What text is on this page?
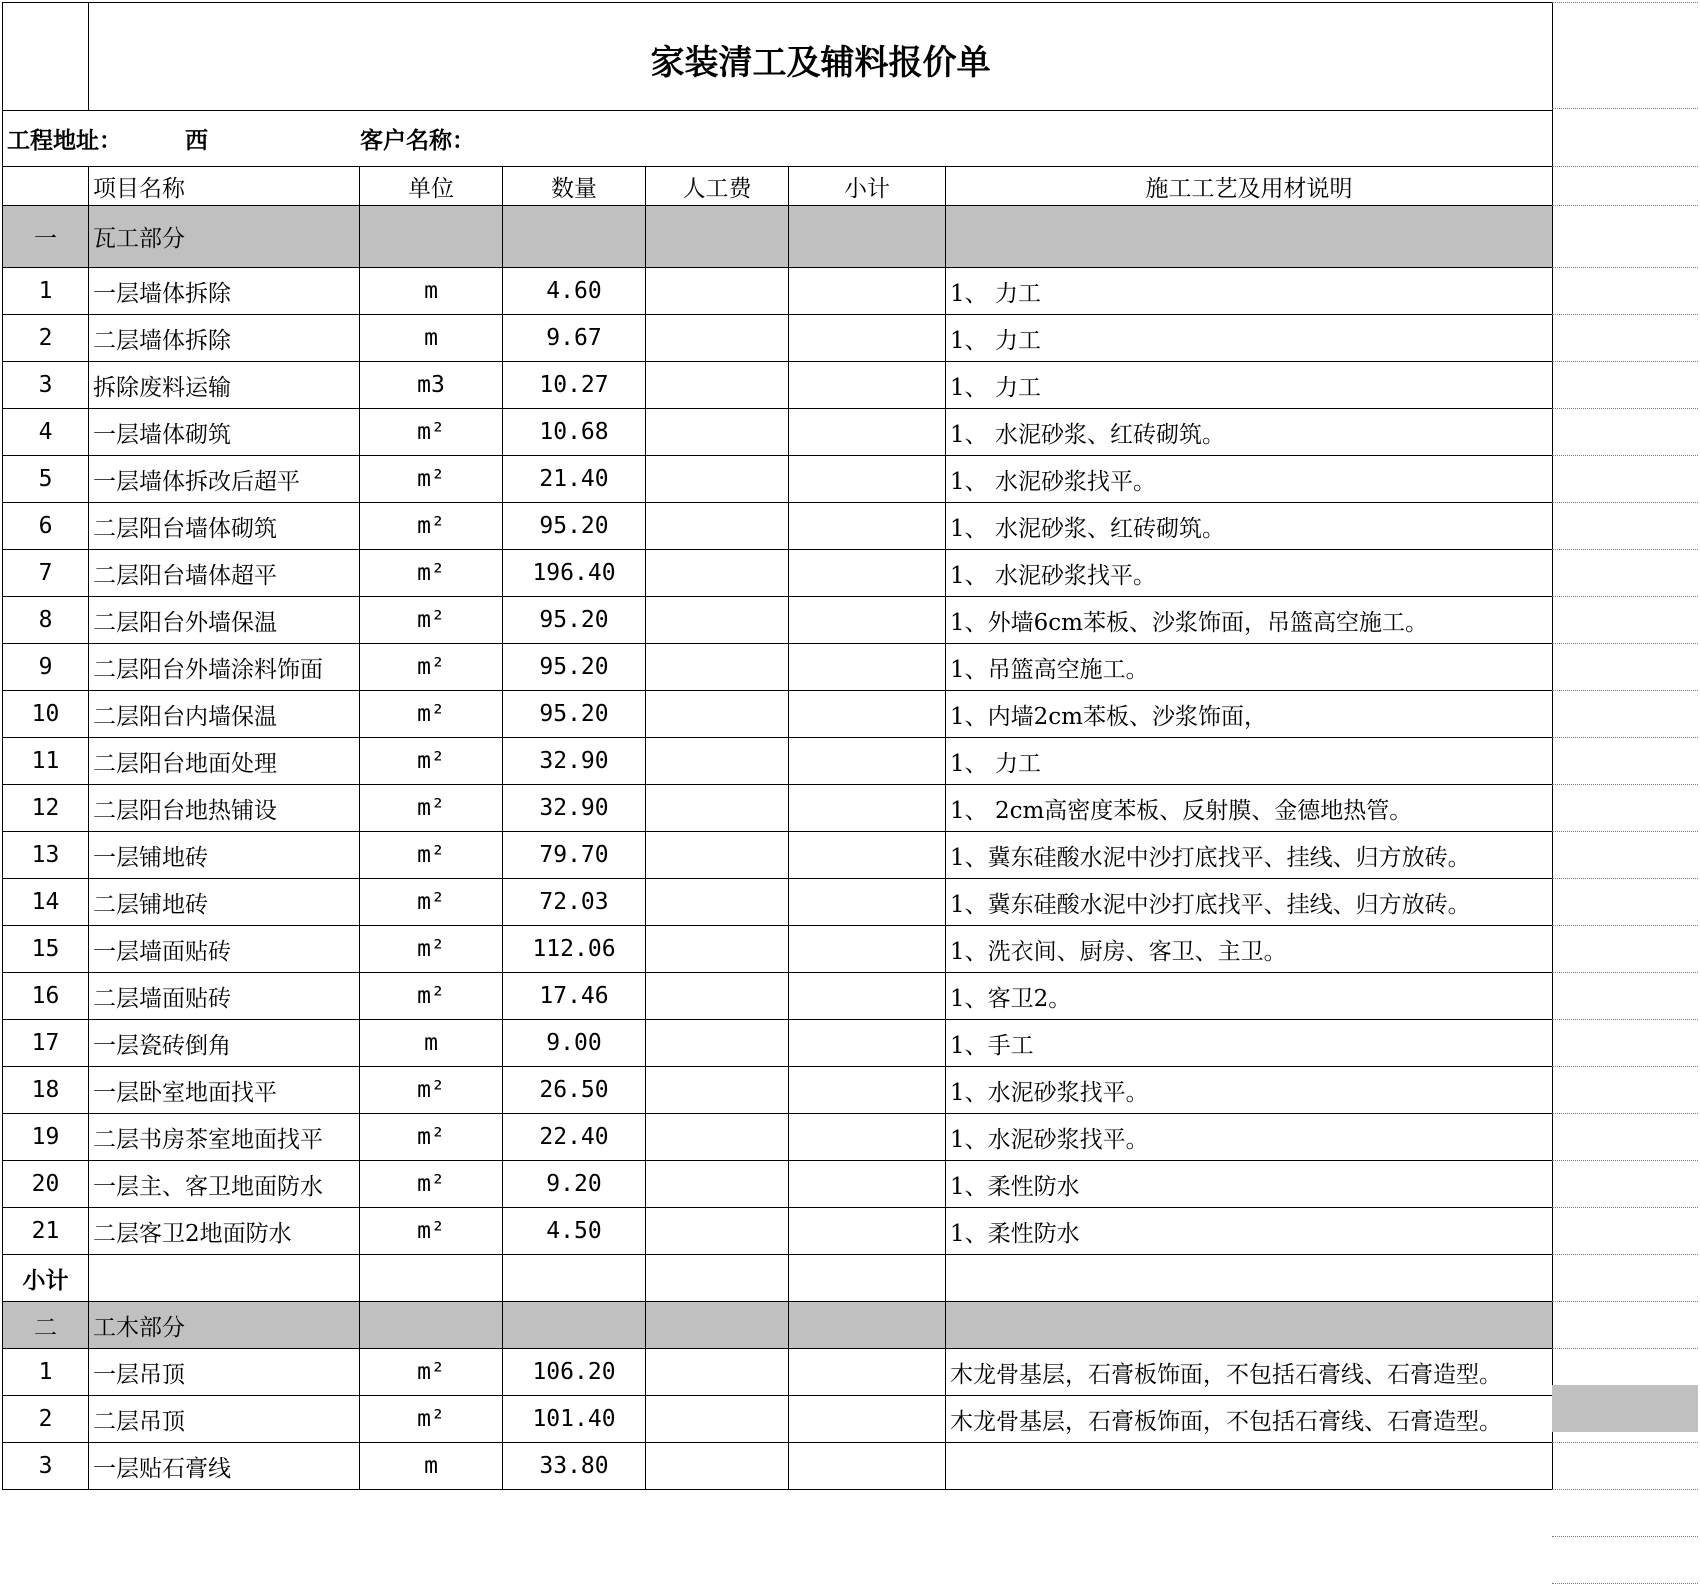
	家装清工及辅料报价单					
工程地址： 西 客户名称：						
	项目名称	单位	数量	人工费	小计	施工工艺及用材说明
一	瓦工部分					
1	一层墙体拆除	m	4.60			1、 力工
2	二层墙体拆除	m	9.67			1、 力工
3	拆除废料运输	m3	10.27			1、 力工
4	一层墙体砌筑	m²	10.68			1、 水泥砂浆、红砖砌筑。
5	一层墙体拆改后超平	m²	21.40			1、 水泥砂浆找平。
6	二层阳台墙体砌筑	m²	95.20			1、 水泥砂浆、红砖砌筑。
7	二层阳台墙体超平	m²	196.40			1、 水泥砂浆找平。
8	二层阳台外墙保温	m²	95.20			1、外墙6cm苯板、沙浆饰面，吊篮高空施工。
9	二层阳台外墙涂料饰面	m²	95.20			1、吊篮高空施工。
10	二层阳台内墙保温	m²	95.20			1、内墙2cm苯板、沙浆饰面，
11	二层阳台地面处理	m²	32.90			1、 力工
12	二层阳台地热铺设	m²	32.90			1、 2cm高密度苯板、反射膜、金德地热管。
13	一层铺地砖	m²	79.70			1、冀东硅酸水泥中沙打底找平、挂线、归方放砖。
14	二层铺地砖	m²	72.03			1、冀东硅酸水泥中沙打底找平、挂线、归方放砖。
15	一层墙面贴砖	m²	112.06			1、洗衣间、厨房、客卫、主卫。
16	二层墙面贴砖	m²	17.46			1、客卫2。
17	一层瓷砖倒角	m	9.00			1、手工
18	一层卧室地面找平	m²	26.50			1、水泥砂浆找平。
19	二层书房茶室地面找平	m²	22.40			1、水泥砂浆找平。
20	一层主、客卫地面防水	m²	9.20			1、柔性防水
21	二层客卫2地面防水	m²	4.50			1、柔性防水
小计						
二	工木部分					
1	一层吊顶	m²	106.20			木龙骨基层，石膏板饰面，不包括石膏线、石膏造型。
2	二层吊顶	m²	101.40			木龙骨基层，石膏板饰面，不包括石膏线、石膏造型。
3	一层贴石膏线	m	33.80			
